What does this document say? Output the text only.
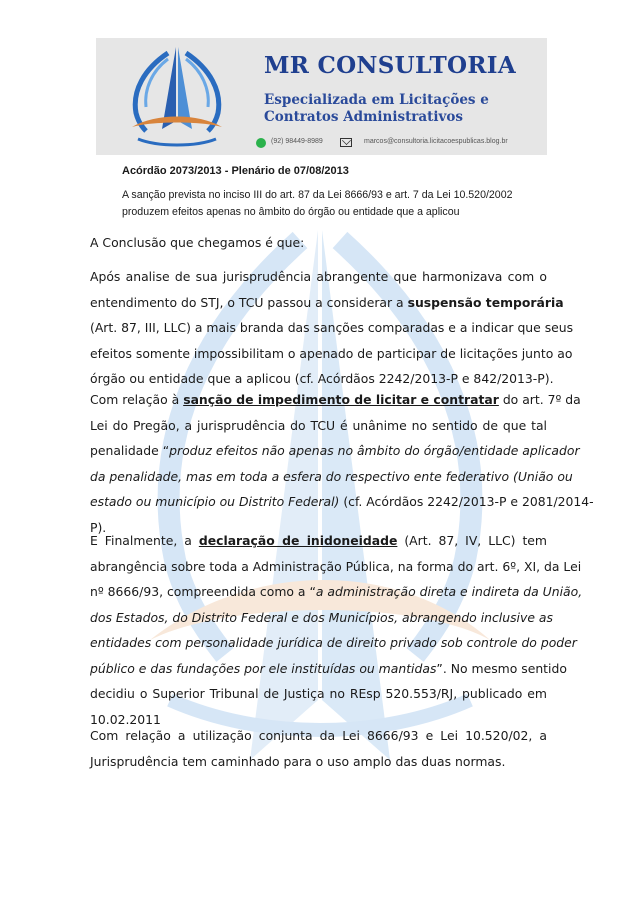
MR CONSULTORIA
Especializada em Licitações e
Contratos Administrativos
(92) 98449-8989	marcos@consultoria.licitacoespublicas.blog.br
Acórdão 2073/2013 - Plenário de 07/08/2013
A sanção prevista no inciso III do art. 87 da Lei 8666/93 e art. 7 da Lei 10.520/2002
produzem efeitos apenas no âmbito do órgão ou entidade que a aplicou
A Conclusão que chegamos é que:
Após analise de sua jurisprudência abrangente que harmonizava com o
entendimento do STJ, o TCU passou a considerar a suspensão temporária
(Art. 87, III, LLC) a mais branda das sanções comparadas e a indicar que seus
efeitos somente impossibilitam o apenado de participar de licitações junto ao
órgão ou entidade que a aplicou (cf. Acórdãos 2242/2013-P e 842/2013-P).
Com relação à sanção de impedimento de licitar e contratar do art. 7º da
Lei do Pregão, a jurisprudência do TCU é unânime no sentido de que tal
penalidade “produz efeitos não apenas no âmbito do órgão/entidade aplicador
da penalidade, mas em toda a esfera do respectivo ente federativo (União ou
estado ou município ou Distrito Federal) (cf. Acórdãos 2242/2013-P e 2081/2014-
P).
E Finalmente, a declaração de inidoneidade (Art. 87, IV, LLC) tem
abrangência sobre toda a Administração Pública, na forma do art. 6º, XI, da Lei
nº 8666/93, compreendida como a “a administração direta e indireta da União,
dos Estados, do Distrito Federal e dos Municípios, abrangendo inclusive as
entidades com personalidade jurídica de direito privado sob controle do poder
público e das fundações por ele instituídas ou mantidas”. No mesmo sentido
decidiu o Superior Tribunal de Justiça no REsp 520.553/RJ, publicado em
10.02.2011
Com relação a utilização conjunta da Lei 8666/93 e Lei 10.520/02, a
Jurisprudência tem caminhado para o uso amplo das duas normas.
